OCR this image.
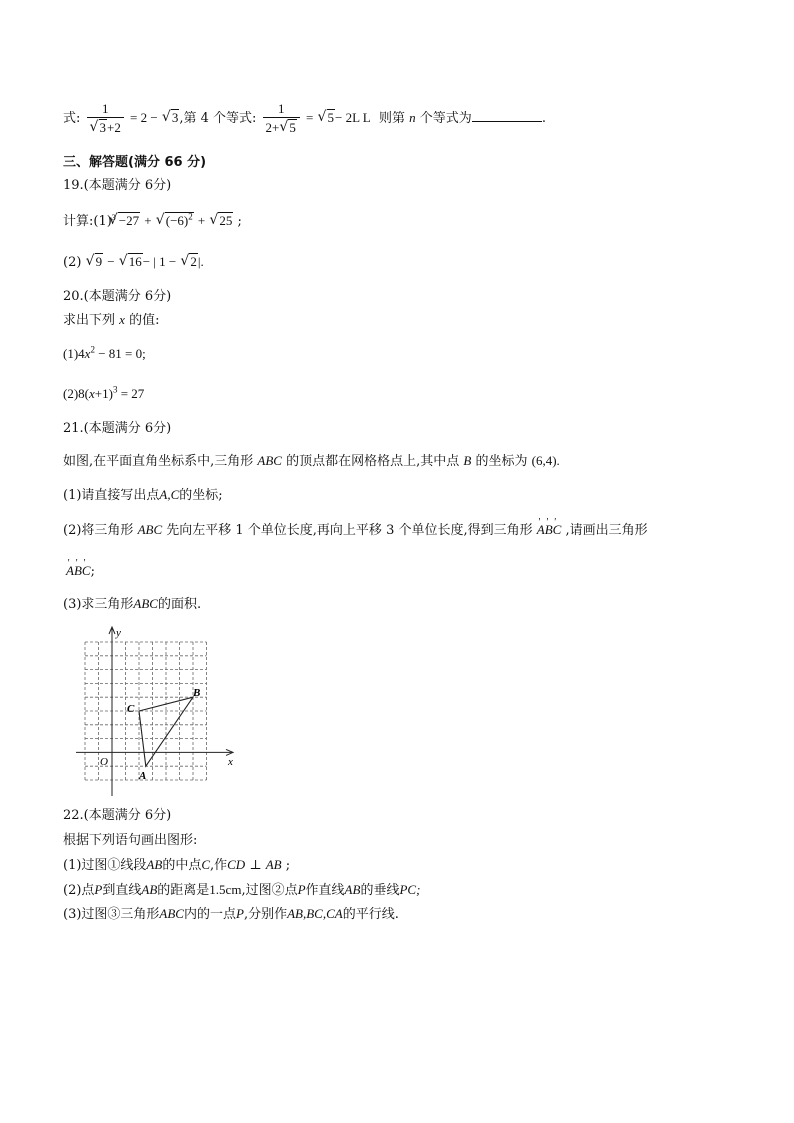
式: 1
√ 3+2 = 2 − √ 3,第 4 个等式: $\frac{1}{2+√ 5}$ = √ 5− 2L L 则第 n 个等式为	.
三、解答题(满分 66 分)
19.(本题满分 6分)
计算$:(1)^3√ -27$ + √ $(-6)^2$ + √ 25 ;
(2) √ 9 − √ 16− | 1 − √ 2|.
20.(本题满分 6分)
求出下列 x 的值:
$(1)4x^2 - 81 = 0$;
$(2)8(x+1)^3 = 27$
21.(本题满分 6分)
如图,在平面直角坐标系中,三角形 ABC 的顶点都在网格格点上,其中点 B 的坐标为 (6,4).
(1)请直接写出点A,C的坐标;
(2)将三角形 ABC 先向左平移 1 个单位长度,再向上平移 3 个单位长度,得到三角形 ' A' B' C ,请画出三角形
' A' B' C;
(3)求三角形ABC的面积.
y
x
O
A
B
C
22.(本题满分 6分)
根据下列语句画出图形:
(1)过图①线段AB的中点C,作CD ⊥ AB ;
(2)点P到直线AB的距离是1.5cm,过图②点P作直线AB的垂线PC;
(3)过图③三角形ABC内的一点P,分别作AB,BC,CA的平行线.
